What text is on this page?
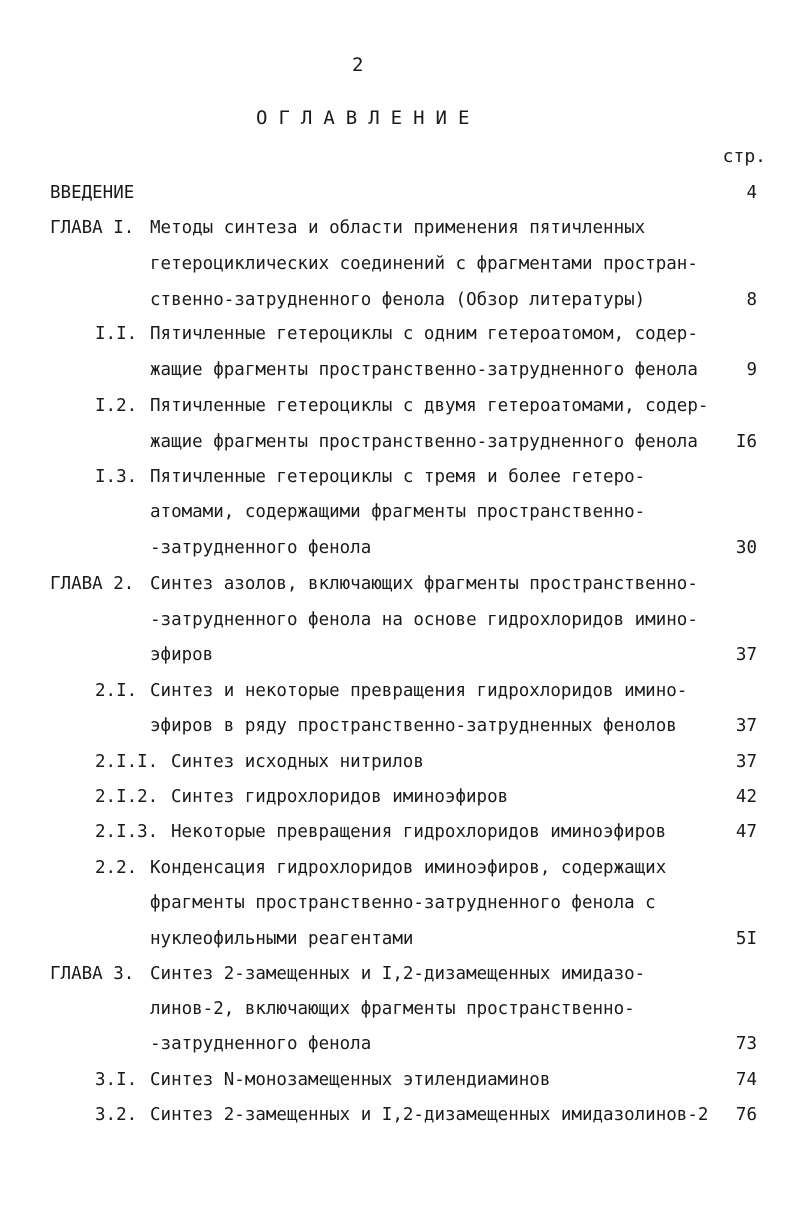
2
ОГЛАВЛЕНИЕ
стр.
ВВЕДЕНИЕ	4
ГЛАВА I. Методы синтеза и области применения пятичленных
гетероциклических соединений с фрагментами простран-
ственно-затрудненного фенола (Обзор литературы)	8
I.I. Пятичленные гетероциклы с одним гетероатомом, содер-
жащие фрагменты пространственно-затрудненного фенола	9
I.2. Пятичленные гетероциклы с двумя гетероатомами, содер-
жащие фрагменты пространственно-затрудненного фенола I6
I.3. Пятичленные гетероциклы с тремя и более гетеро-
атомами, содержащими фрагменты пространственно-
-затрудненного фенола	30
ГЛАВА 2. Синтез азолов, включающих фрагменты пространственно-
-затрудненного фенола на основе гидрохлоридов имино-
эфиров	37
2.I. Синтез и некоторые превращения гидрохлоридов имино-
эфиров в ряду пространственно-затрудненных фенолов	37
2.I.I. Синтез исходных нитрилов	37
2.I.2. Синтез гидрохлоридов иминоэфиров	42
2.I.3. Некоторые превращения гидрохлоридов иминоэфиров	47
2.2. Конденсация гидрохлоридов иминоэфиров, содержащих
фрагменты пространственно-затрудненного фенола с
нуклеофильными реагентами	5I
ГЛАВА 3. Синтез 2-замещенных и I,2-дизамещенных имидазо-
линов-2, включающих фрагменты пространственно-
-затрудненного фенола	73
3.I. Синтез N-монозамещенных этилендиаминов	74
3.2. Синтез 2-замещенных и I,2-дизамещенных имидазолинов-2 76
